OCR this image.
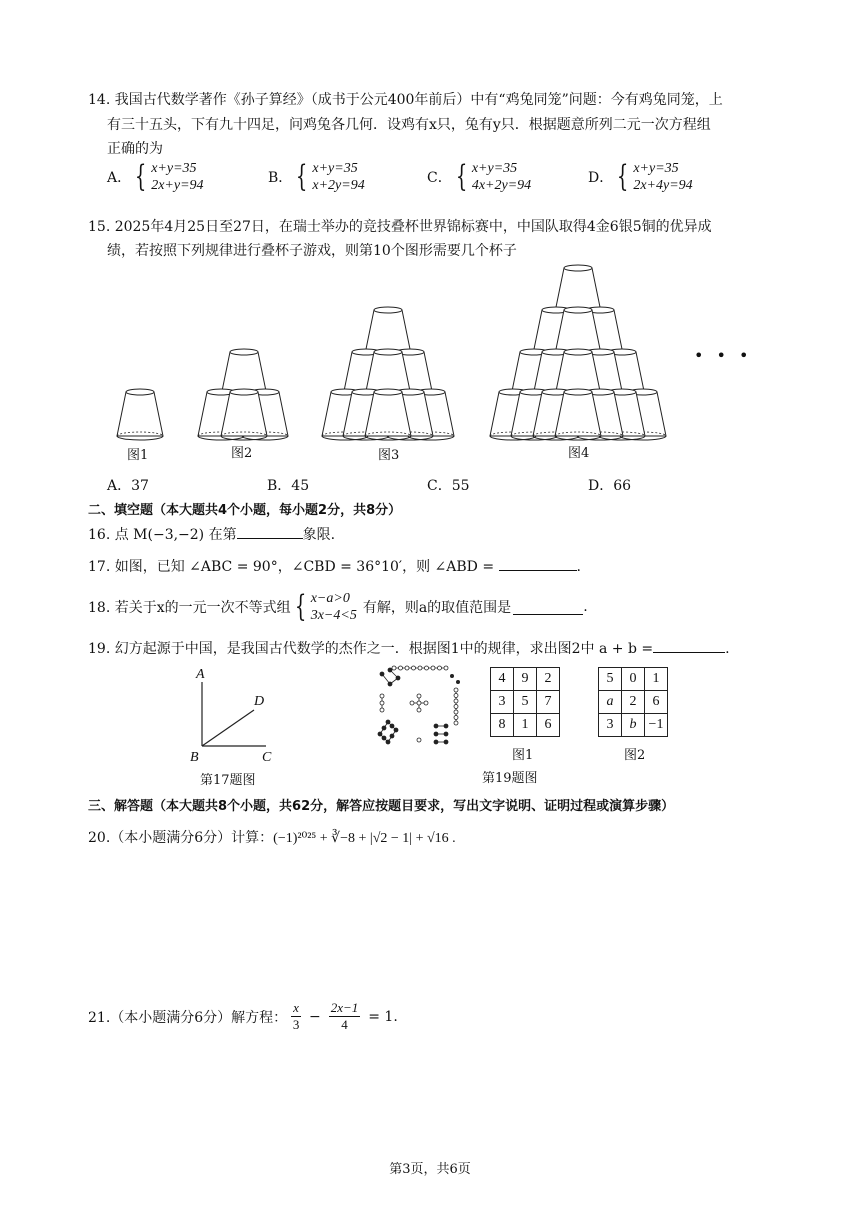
14. 我国古代数学著作《孙子算经》（成书于公元400年前后）中有“鸡兔同笼”问题：今有鸡兔同笼，上
有三十五头，下有九十四足，问鸡兔各几何．设鸡有x只，兔有y只．根据题意所列二元一次方程组
正确的为
A． { x+y=35
2x+y=94	B． { x+y=35
x+2y=94	C． { x+y=35
4x+2y=94	D． { x+y=35
2x+4y=94
15. 2025年4月25日至27日，在瑞士举办的竞技叠杯世界锦标赛中，中国队取得4金6银5铜的优异成
绩，若按照下列规律进行叠杯子游戏，则第10个图形需要几个杯子
• • •
图1	图2	图3	图4
A．37	B．45	C．55	D．66
二、填空题（本大题共4个小题，每小题2分，共8分）
16. 点 M(−3,−2) 在第	象限.
17. 如图，已知 ∠ABC = 90°，∠CBD = 36°10′，则 ∠ABD =	.
18. 若关于x的一元一次不等式组 { x−a>0
3x−4<5 有解，则a的取值范围是	.
19. 幻方起源于中国，是我国古代数学的杰作之一．根据图1中的规律，求出图2中 a + b =	.
A
D
B	C
第17题图
4	9	2
3	5	7
8	1	6
图1
5	0	1
a	2	6
3	b	−1
图2
第19题图
三、解答题（本大题共8个小题，共62分，解答应按题目要求，写出文字说明、证明过程或演算步骤）
20.（本小题满分6分）计算：(−1)²⁰²⁵ + ∛−8 + |√2 − 1| + √16 .
21.（本小题满分6分）解方程：
x
$3 - \frac{2x-1}{4} = 1$.
第3页，共6页
